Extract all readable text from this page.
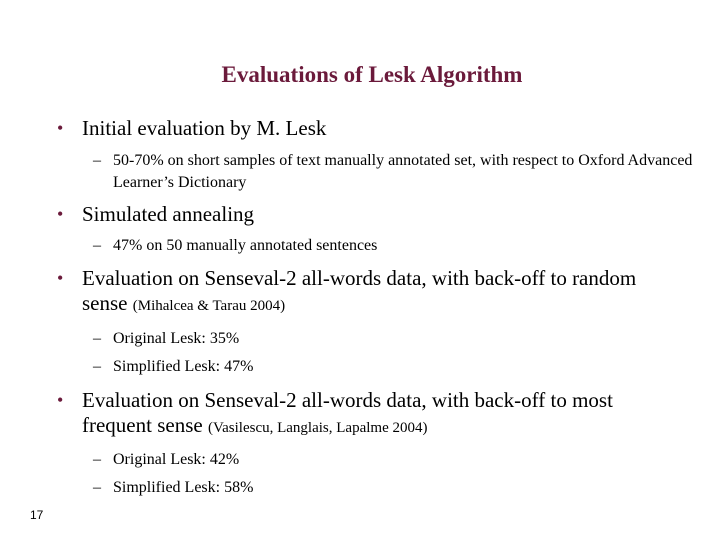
Evaluations of Lesk Algorithm
• Initial evaluation by M. Lesk
– 50-70% on short samples of text manually annotated set, with respect to Oxford Advanced Learner’s Dictionary
• Simulated annealing
– 47% on 50 manually annotated sentences
• Evaluation on Senseval-2 all-words data, with back-off to random sense (Mihalcea & Tarau 2004)
– Original Lesk: 35%
– Simplified Lesk: 47%
• Evaluation on Senseval-2 all-words data, with back-off to most frequent sense (Vasilescu, Langlais, Lapalme 2004)
– Original Lesk: 42%
– Simplified Lesk: 58%
17
